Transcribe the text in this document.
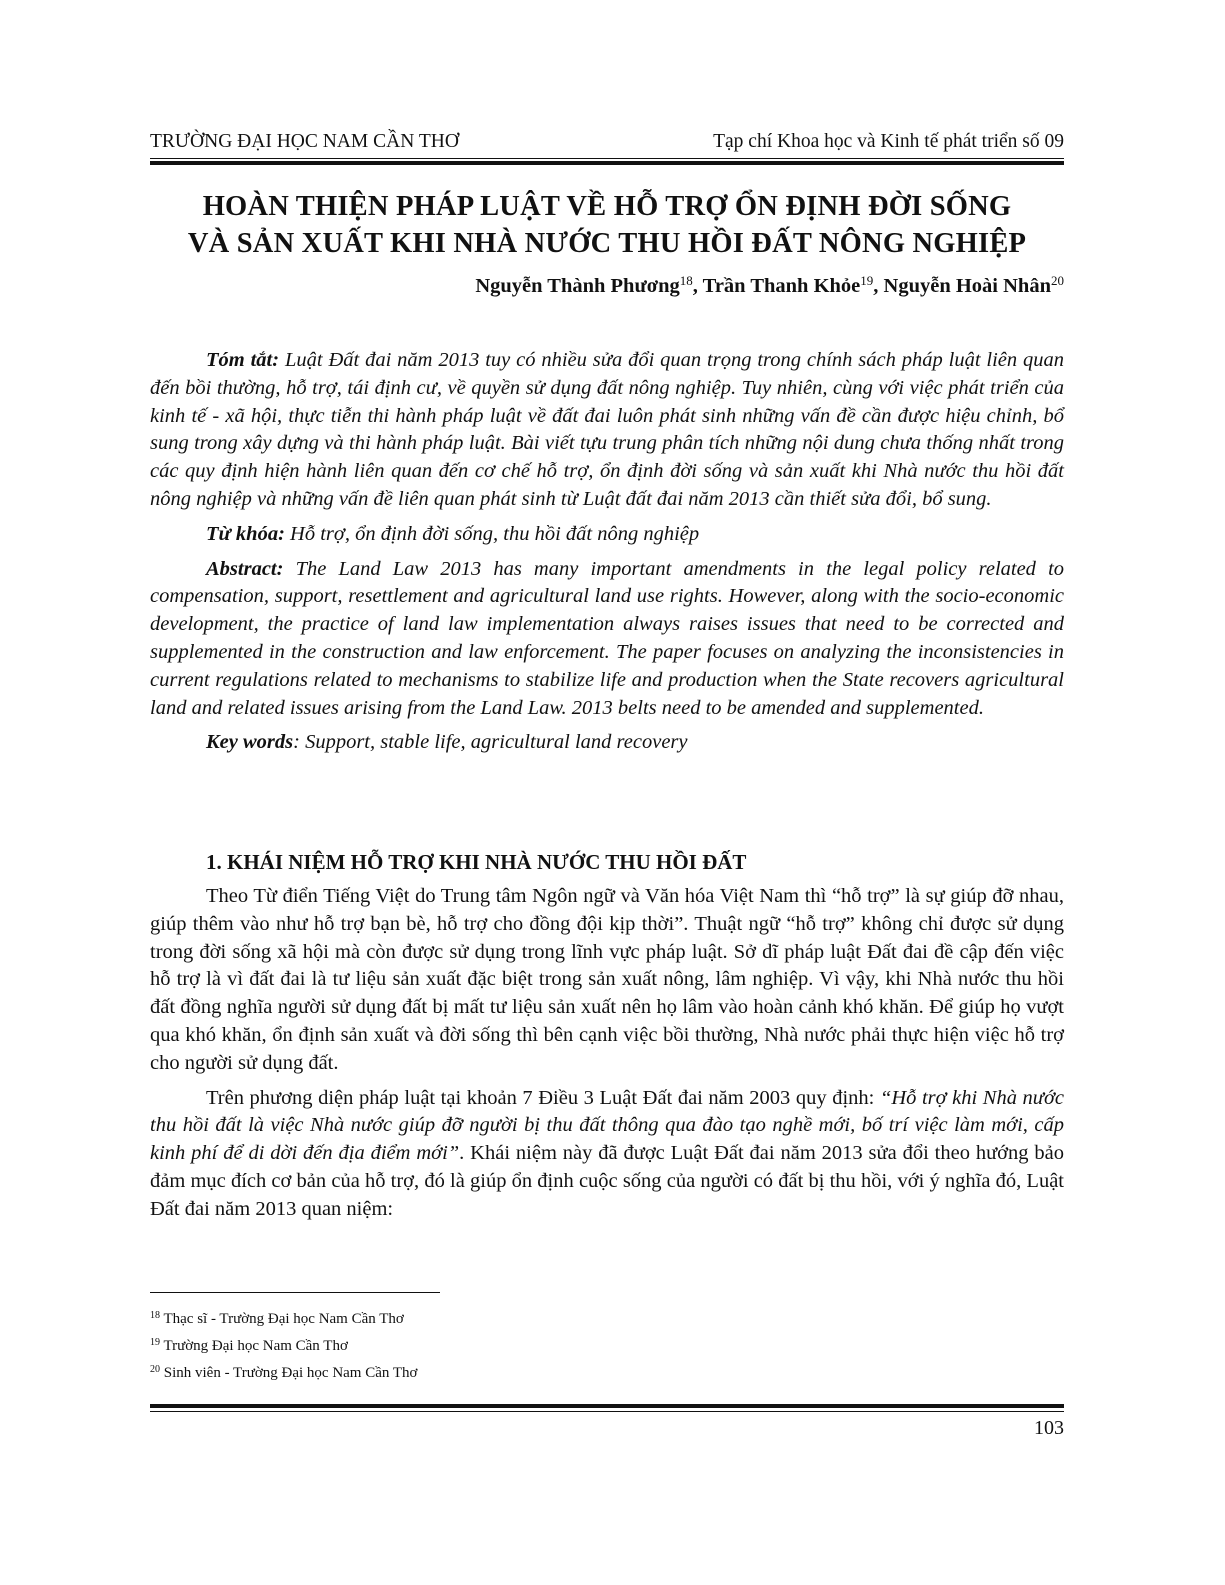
TRƯỜNG ĐẠI HỌC NAM CẦN THƠ	Tạp chí Khoa học và Kinh tế phát triển số 09
HOÀN THIỆN PHÁP LUẬT VỀ HỖ TRỢ ỔN ĐỊNH ĐỜI SỐNG
VÀ SẢN XUẤT KHI NHÀ NƯỚC THU HỒI ĐẤT NÔNG NGHIỆP
Nguyễn Thành Phương$^{18}$, Trần Thanh Khỏe$^{19}$, Nguyễn Hoài Nhân$^{20}$

Tóm tắt: Luật Đất đai năm 2013 tuy có nhiều sửa đổi quan trọng trong chính sách pháp luật liên quan đến bồi thường, hỗ trợ, tái định cư, về quyền sử dụng đất nông nghiệp. Tuy nhiên, cùng với việc phát triển của kinh tế - xã hội, thực tiễn thi hành pháp luật về đất đai luôn phát sinh những vấn đề cần được hiệu chỉnh, bổ sung trong xây dựng và thi hành pháp luật. Bài viết tựu trung phân tích những nội dung chưa thống nhất trong các quy định hiện hành liên quan đến cơ chế hỗ trợ, ổn định đời sống và sản xuất khi Nhà nước thu hồi đất nông nghiệp và những vấn đề liên quan phát sinh từ Luật đất đai năm 2013 cần thiết sửa đổi, bổ sung.

Từ khóa: Hỗ trợ, ổn định đời sống, thu hồi đất nông nghiệp

Abstract: The Land Law 2013 has many important amendments in the legal policy related to compensation, support, resettlement and agricultural land use rights. However, along with the socio-economic development, the practice of land law implementation always raises issues that need to be corrected and supplemented in the construction and law enforcement. The paper focuses on analyzing the inconsistencies in current regulations related to mechanisms to stabilize life and production when the State recovers agricultural land and related issues arising from the Land Law. 2013 belts need to be amended and supplemented.

Key words: Support, stable life, agricultural land recovery

1. KHÁI NIỆM HỖ TRỢ KHI NHÀ NƯỚC THU HỒI ĐẤT

Theo Từ điển Tiếng Việt do Trung tâm Ngôn ngữ và Văn hóa Việt Nam thì “hỗ trợ” là sự giúp đỡ nhau, giúp thêm vào như hỗ trợ bạn bè, hỗ trợ cho đồng đội kịp thời”. Thuật ngữ “hỗ trợ” không chỉ được sử dụng trong đời sống xã hội mà còn được sử dụng trong lĩnh vực pháp luật. Sở dĩ pháp luật Đất đai đề cập đến việc hỗ trợ là vì đất đai là tư liệu sản xuất đặc biệt trong sản xuất nông, lâm nghiệp. Vì vậy, khi Nhà nước thu hồi đất đồng nghĩa người sử dụng đất bị mất tư liệu sản xuất nên họ lâm vào hoàn cảnh khó khăn. Để giúp họ vượt qua khó khăn, ổn định sản xuất và đời sống thì bên cạnh việc bồi thường, Nhà nước phải thực hiện việc hỗ trợ cho người sử dụng đất.

Trên phương diện pháp luật tại khoản 7 Điều 3 Luật Đất đai năm 2003 quy định: “Hỗ trợ khi Nhà nước thu hồi đất là việc Nhà nước giúp đỡ người bị thu đất thông qua đào tạo nghề mới, bố trí việc làm mới, cấp kinh phí để di dời đến địa điểm mới”. Khái niệm này đã được Luật Đất đai năm 2013 sửa đổi theo hướng bảo đảm mục đích cơ bản của hỗ trợ, đó là giúp ổn định cuộc sống của người có đất bị thu hồi, với ý nghĩa đó, Luật Đất đai năm 2013 quan niệm:

$^{18}$ Thạc sĩ - Trường Đại học Nam Cần Thơ
$^{19}$ Trường Đại học Nam Cần Thơ
$^{20}$ Sinh viên - Trường Đại học Nam Cần Thơ
103
